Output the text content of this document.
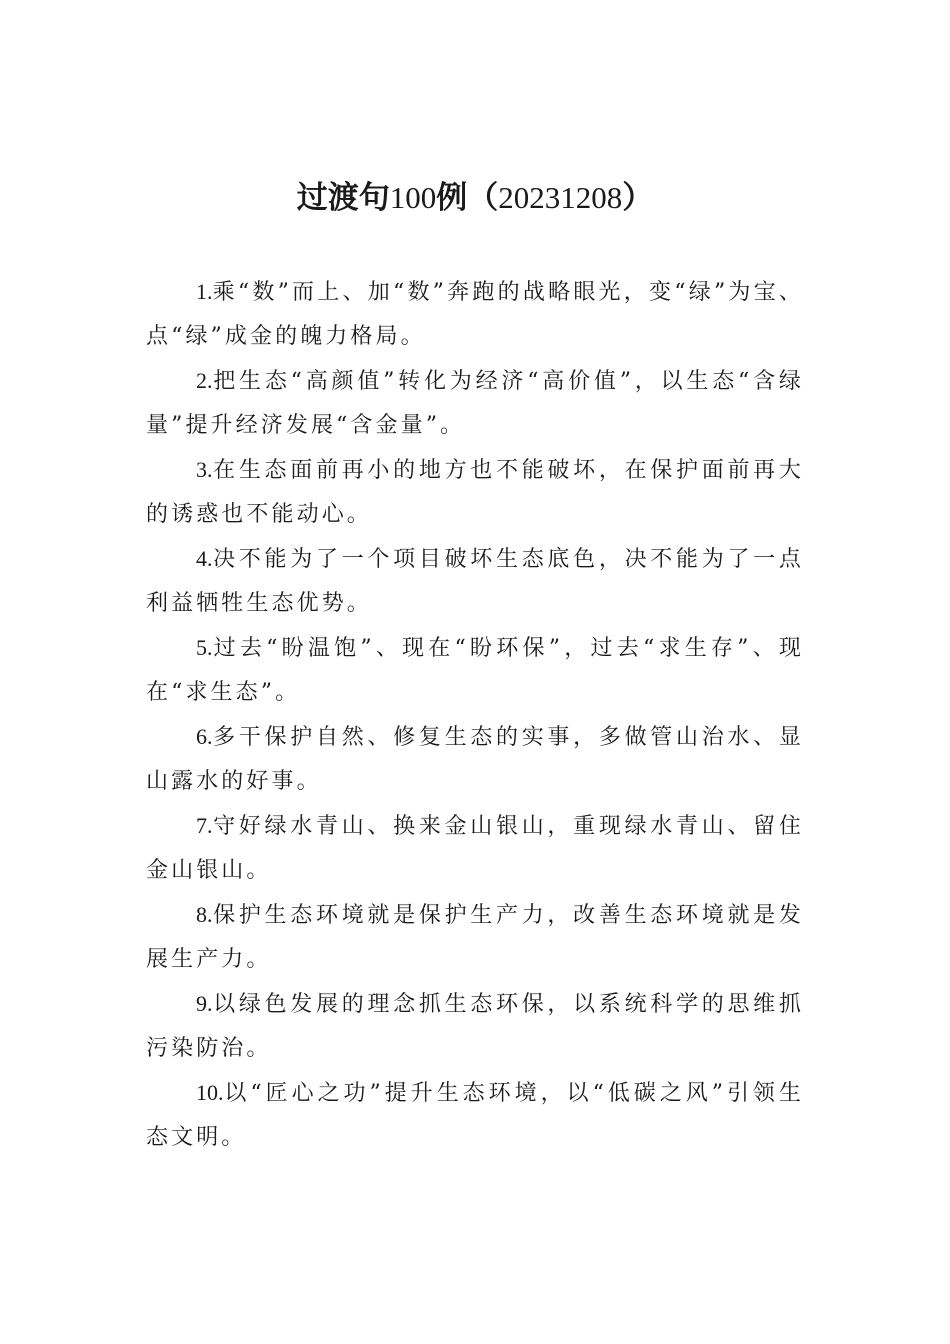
过渡句100例（20231208）

1.乘“数”而上、加“数”奔跑的战略眼光，变“绿”为宝、点“绿”成金的魄力格局。

2.把生态“高颜值”转化为经济“高价值”，以生态“含绿量”提升经济发展“含金量”。

3.在生态面前再小的地方也不能破坏，在保护面前再大的诱惑也不能动心。

4.决不能为了一个项目破坏生态底色，决不能为了一点利益牺牲生态优势。

5.过去“盼温饱”、现在“盼环保”，过去“求生存”、现在“求生态”。

6.多干保护自然、修复生态的实事，多做管山治水、显山露水的好事。

7.守好绿水青山、换来金山银山，重现绿水青山、留住金山银山。

8.保护生态环境就是保护生产力，改善生态环境就是发展生产力。

9.以绿色发展的理念抓生态环保，以系统科学的思维抓污染防治。

10.以“匠心之功”提升生态环境，以“低碳之风”引领生态文明。
